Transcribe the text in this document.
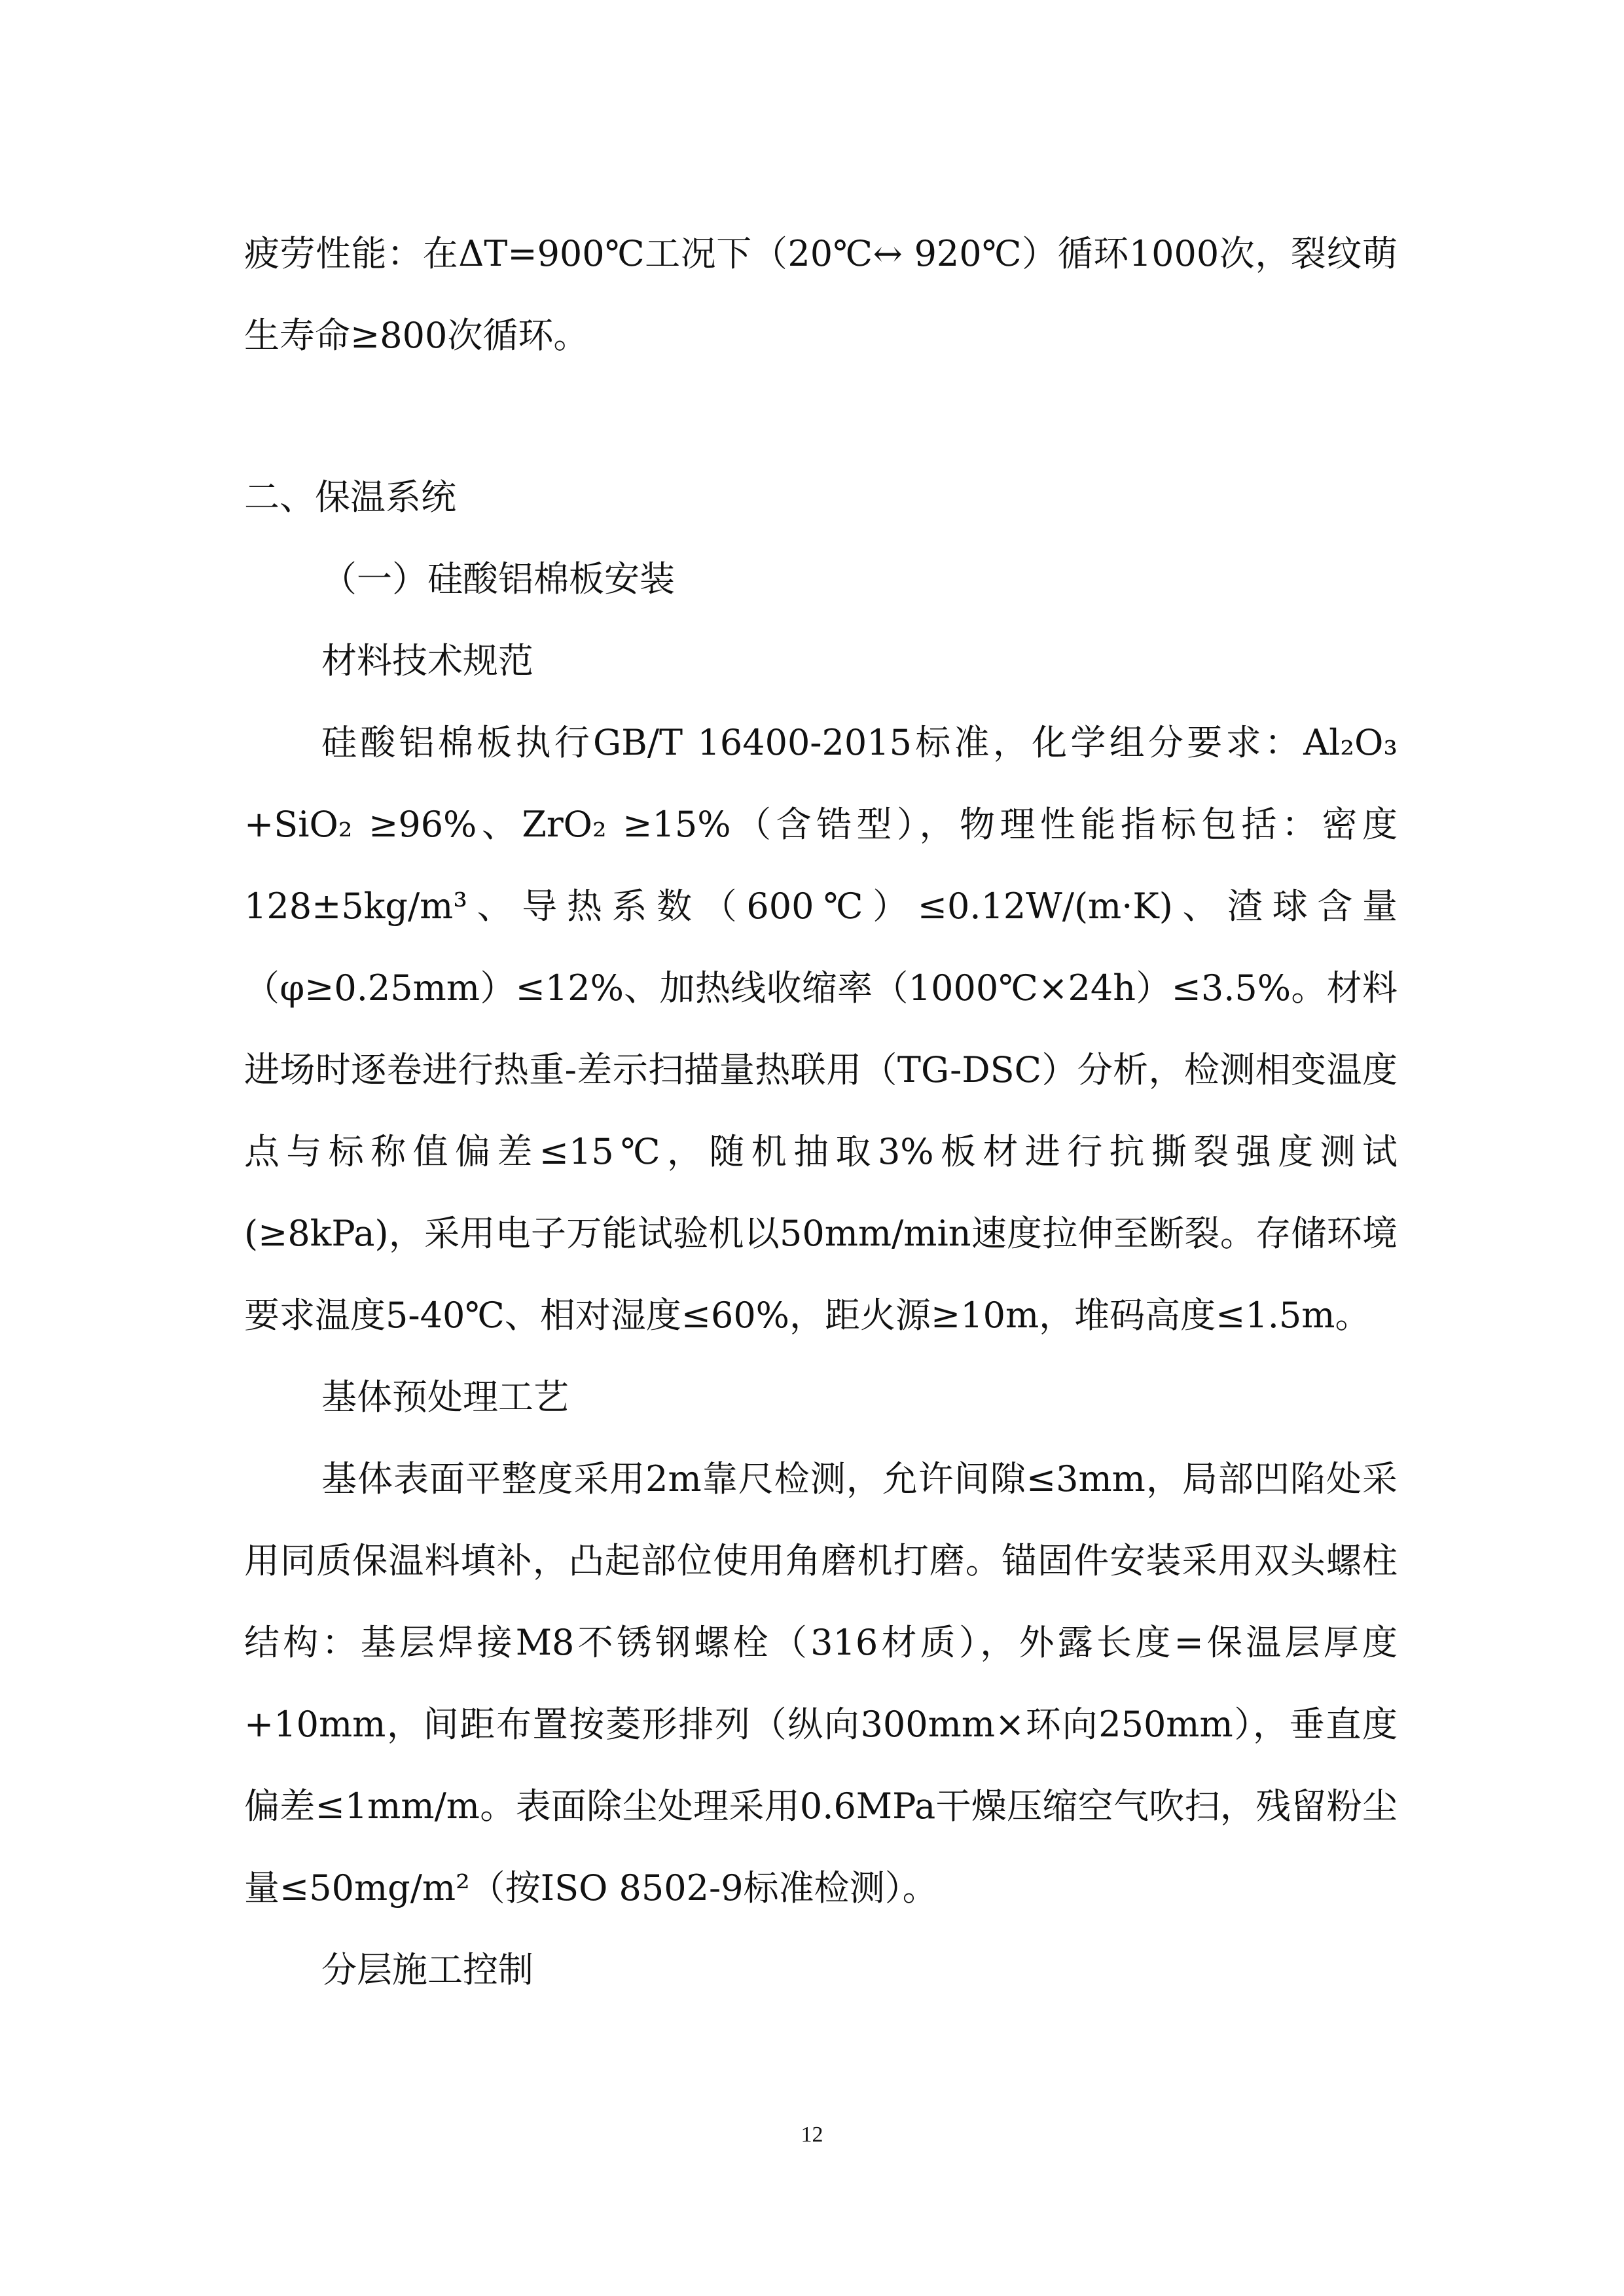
疲劳性能：在ΔT=900℃工况下（20℃↔ 920℃）循环1000次，裂纹萌生寿命≥800次循环。

二、保温系统

（一）硅酸铝棉板安装

材料技术规范

硅酸铝棉板执行GB/T 16400-2015标准，化学组分要求：Al₂O₃ +SiO₂ ≥96%、ZrO₂ ≥15%（含锆型），物理性能指标包括：密度128±5kg/m³、导热系数（600℃）≤0.12W/(m·K)、渣球含量（φ≥0.25mm）≤12%、加热线收缩率（1000℃×24h）≤3.5%。材料进场时逐卷进行热重-差示扫描量热联用（TG-DSC）分析，检测相变温度点与标称值偏差≤15℃，随机抽取3%板材进行抗撕裂强度测试(≥8kPa)，采用电子万能试验机以50mm/min速度拉伸至断裂。存储环境要求温度5-40℃、相对湿度≤60%，距火源≥10m，堆码高度≤1.5m。

基体预处理工艺

基体表面平整度采用2m靠尺检测，允许间隙≤3mm，局部凹陷处采用同质保温料填补，凸起部位使用角磨机打磨。锚固件安装采用双头螺柱结构：基层焊接M8不锈钢螺栓（316材质），外露长度=保温层厚度+10mm，间距布置按菱形排列（纵向300mm×环向250mm），垂直度偏差≤1mm/m。表面除尘处理采用0.6MPa干燥压缩空气吹扫，残留粉尘量≤50mg/m²（按ISO 8502-9标准检测）。

分层施工控制

12
